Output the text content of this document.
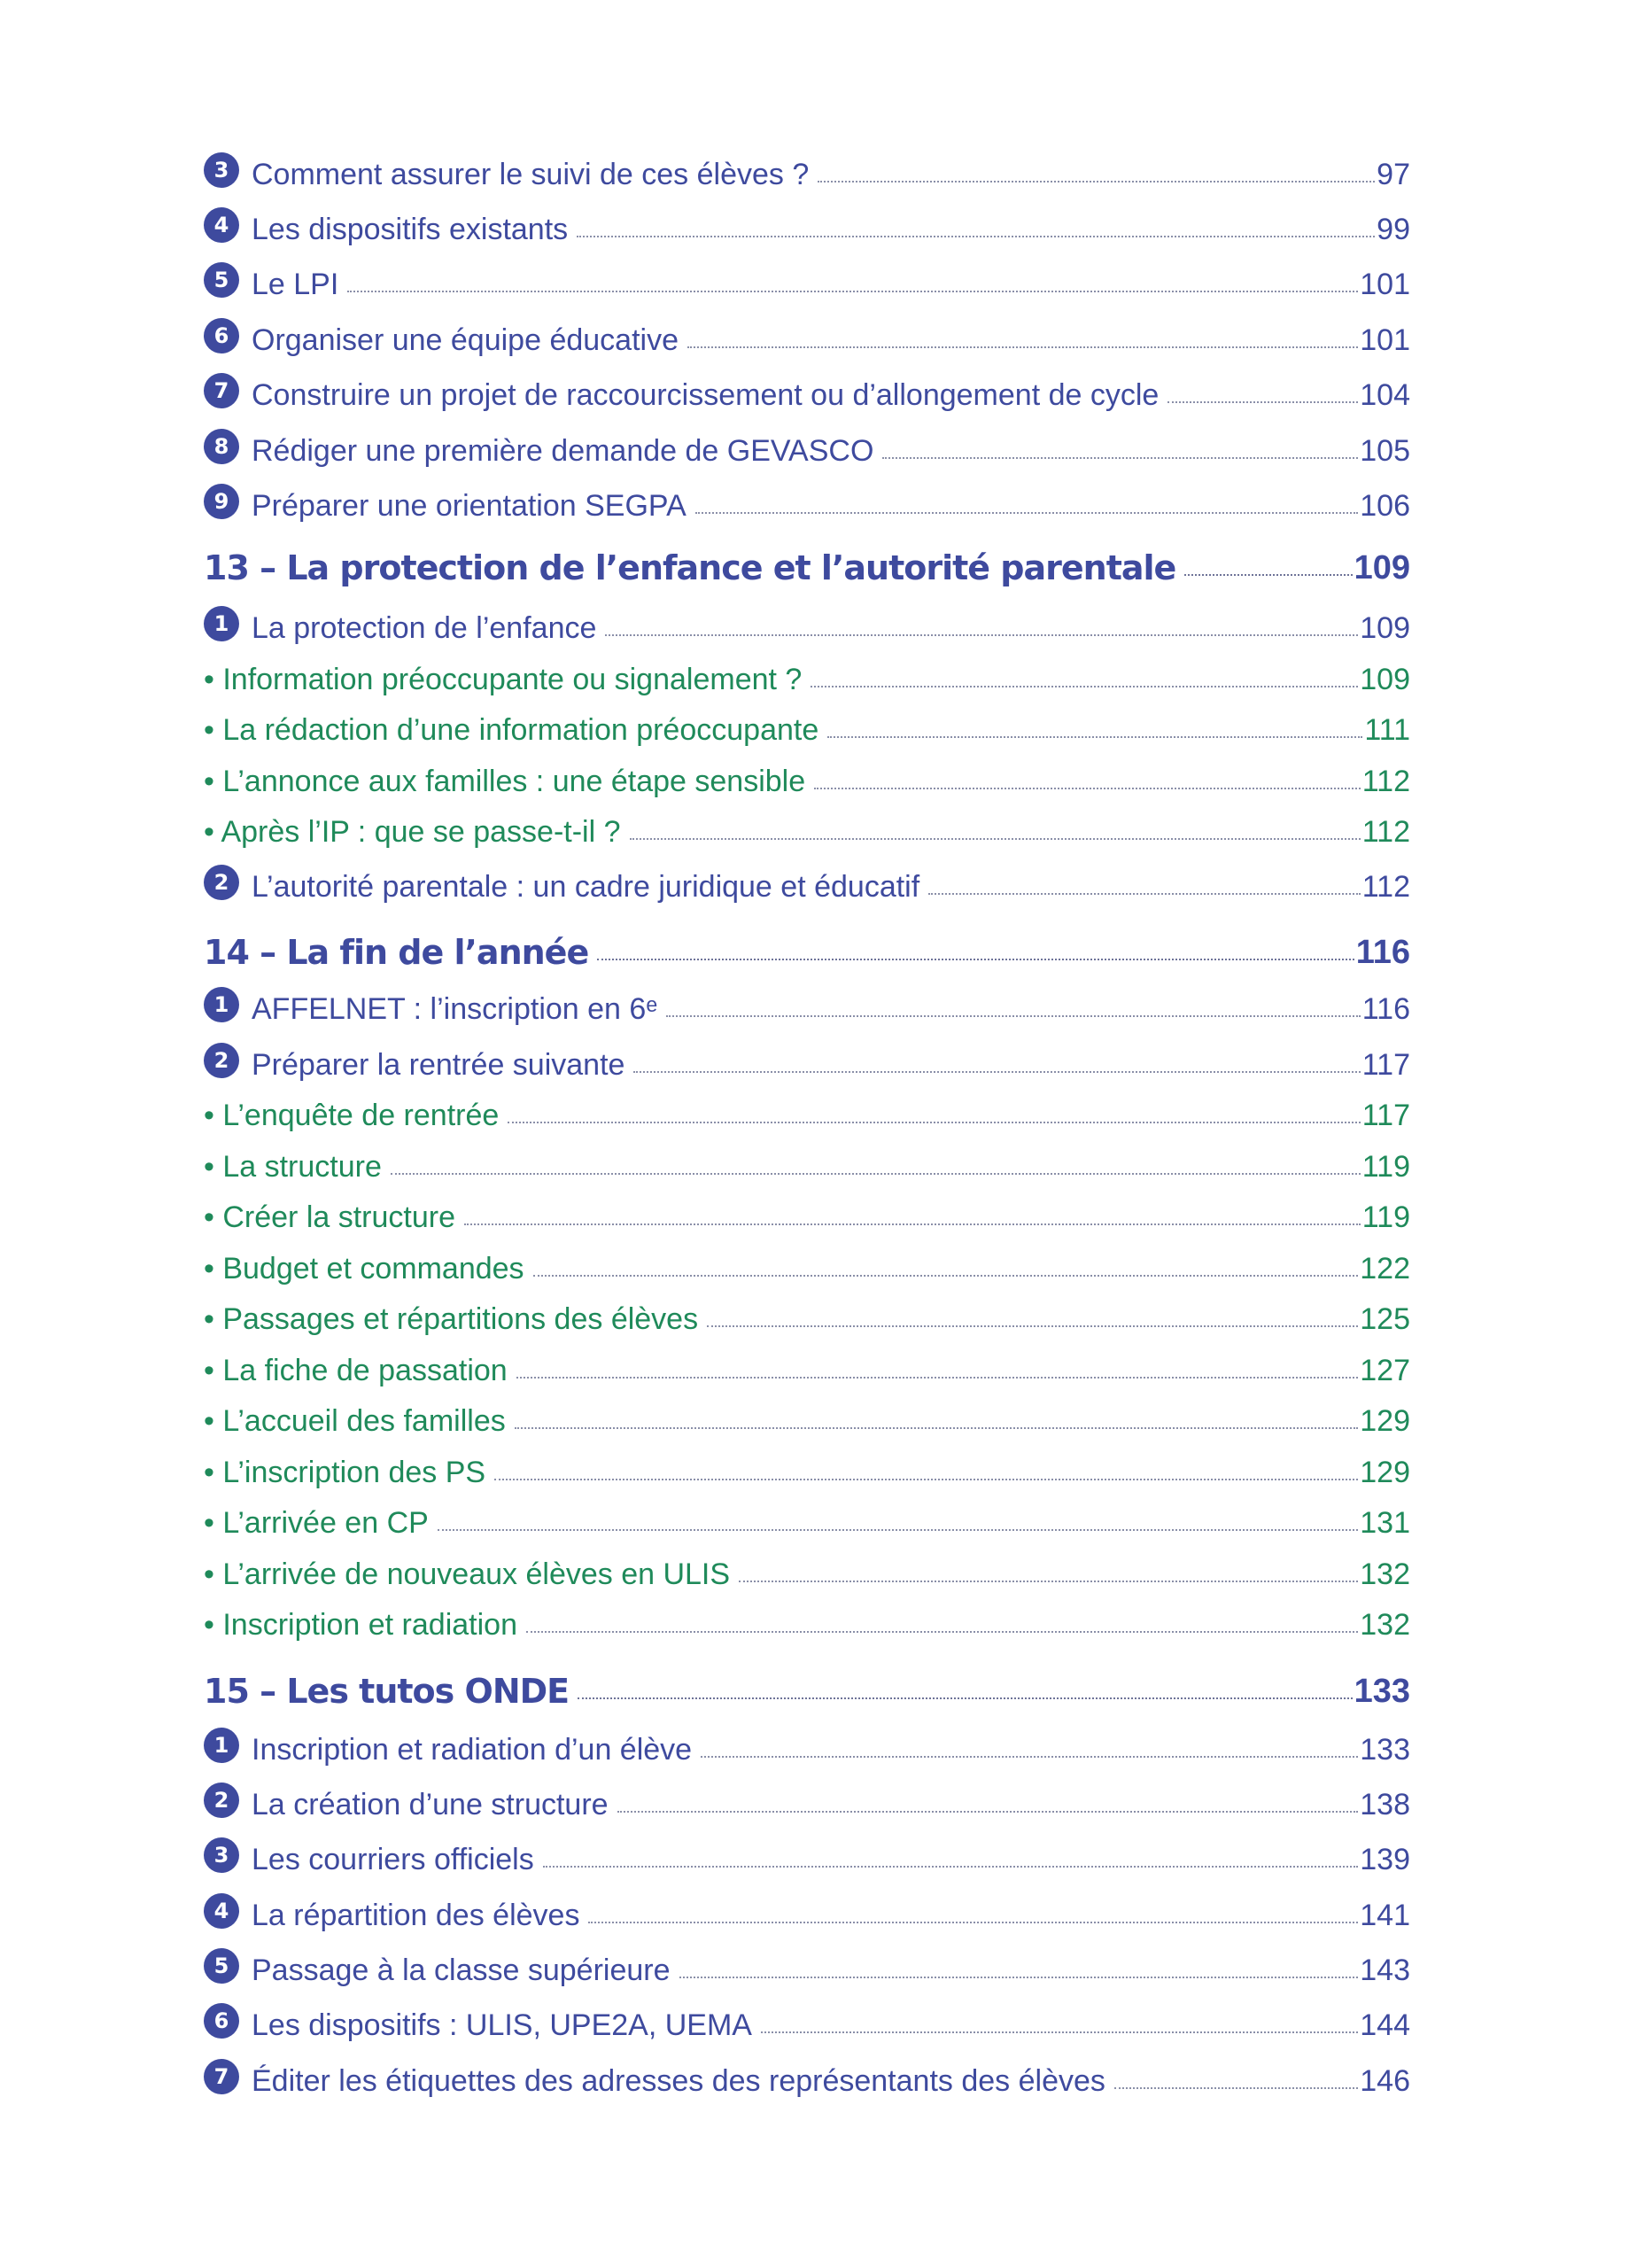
3 Comment assurer le suivi de ces élèves ?	97
4 Les dispositifs existants	99
5 Le LPI	101
6 Organiser une équipe éducative	101
7 Construire un projet de raccourcissement ou d’allongement de cycle	104
8 Rédiger une première demande de GEVASCO	105
9 Préparer une orientation SEGPA	106
13 – La protection de l’enfance et l’autorité parentale	109
1 La protection de l’enfance	109
• Information préoccupante ou signalement ?	109
• La rédaction d’une information préoccupante	111
• L’annonce aux familles : une étape sensible	112
• Après l’IP : que se passe-t-il ?	112
2 L’autorité parentale : un cadre juridique et éducatif	112
14 – La fin de l’année	116
1 AFFELNET : l’inscription en 6ᵉ	116
2 Préparer la rentrée suivante	117
• L’enquête de rentrée	117
• La structure	119
• Créer la structure	119
• Budget et commandes	122
• Passages et répartitions des élèves	125
• La fiche de passation	127
• L’accueil des familles	129
• L’inscription des PS	129
• L’arrivée en CP	131
• L’arrivée de nouveaux élèves en ULIS	132
• Inscription et radiation	132
15 – Les tutos ONDE	133
1 Inscription et radiation d’un élève	133
2 La création d’une structure	138
3 Les courriers officiels	139
4 La répartition des élèves	141
5 Passage à la classe supérieure	143
6 Les dispositifs : ULIS, UPE2A, UEMA	144
7 Éditer les étiquettes des adresses des représentants des élèves	146
